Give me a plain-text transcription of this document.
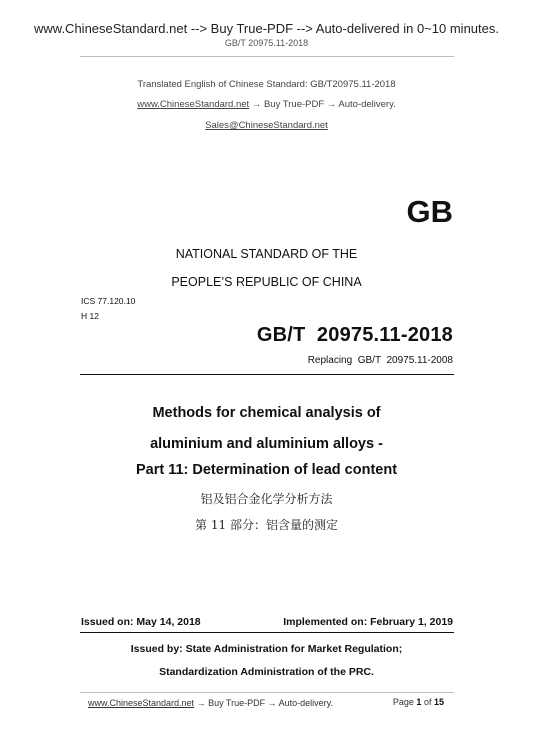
www.ChineseStandard.net --> Buy True-PDF --> Auto-delivered in 0~10 minutes.
GB/T 20975.11-2018
Translated English of Chinese Standard: GB/T20975.11-2018
www.ChineseStandard.net → Buy True-PDF → Auto-delivery.
Sales@ChineseStandard.net
GB
NATIONAL STANDARD OF THE
PEOPLE’S REPUBLIC OF CHINA
ICS 77.120.10
H 12
GB/T  20975.11-2018
Replacing  GB/T  20975.11-2008
Methods for chemical analysis of
aluminium and aluminium alloys -
Part 11: Determination of lead content
铝及铝合金化学分析方法
第 11 部分：铝含量的测定
Issued on: May 14, 2018	Implemented on: February 1, 2019
Issued by: State Administration for Market Regulation;
Standardization Administration of the PRC.
www.ChineseStandard.net → Buy True-PDF → Auto-delivery.	Page 1 of 15
